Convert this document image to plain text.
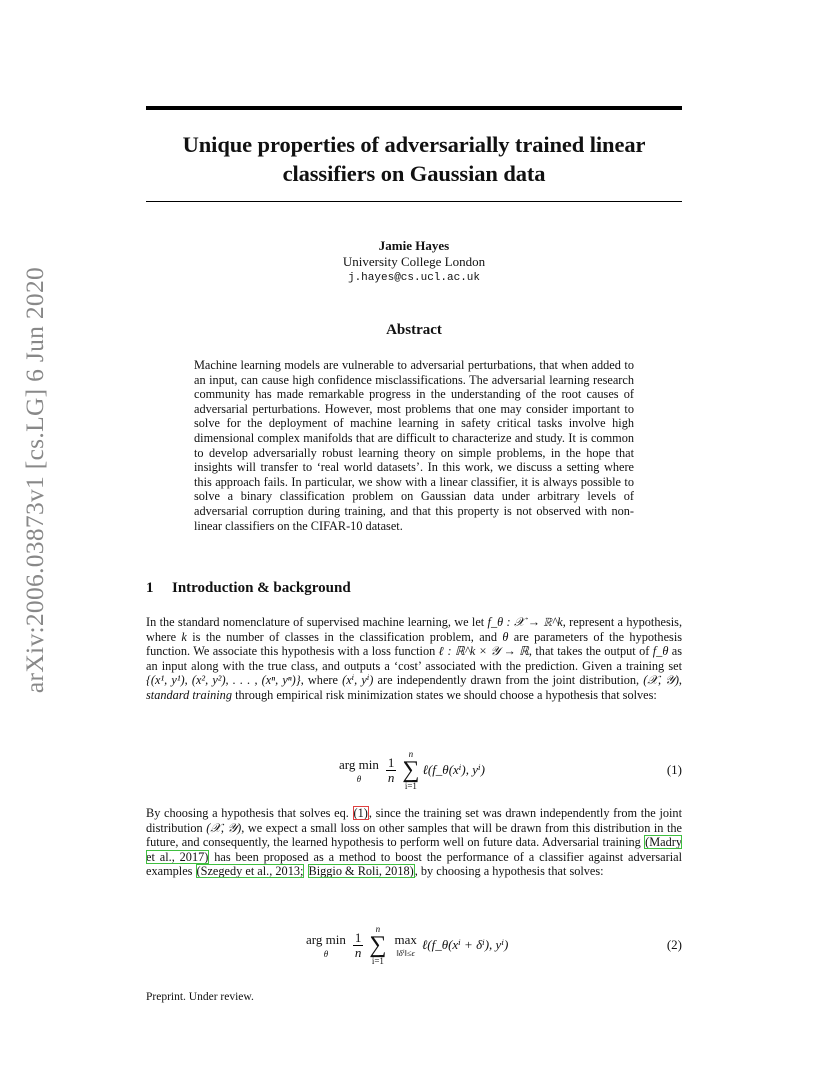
arXiv:2006.03873v1 [cs.LG] 6 Jun 2020
Unique properties of adversarially trained linear
classifiers on Gaussian data
Jamie Hayes
University College London
j.hayes@cs.ucl.ac.uk
Abstract
Machine learning models are vulnerable to adversarial perturbations, that when added to an input, can cause high confidence misclassifications. The adversarial learning research community has made remarkable progress in the understanding of the root causes of adversarial perturbations. However, most problems that one may consider important to solve for the deployment of machine learning in safety critical tasks involve high dimensional complex manifolds that are difficult to characterize and study. It is common to develop adversarially robust learning theory on simple problems, in the hope that insights will transfer to ‘real world datasets’. In this work, we discuss a setting where this approach fails. In particular, we show with a linear classifier, it is always possible to solve a binary classification problem on Gaussian data under arbitrary levels of adversarial corruption during training, and that this property is not observed with non-linear classifiers on the CIFAR-10 dataset.
1 Introduction & background
In the standard nomenclature of supervised machine learning, we let f_θ : 𝒳 → ℝ^k, represent a hypothesis, where k is the number of classes in the classification problem, and θ are parameters of the hypothesis function. We associate this hypothesis with a loss function ℓ : ℝ^k × 𝒴 → ℝ, that takes the output of f_θ as an input along with the true class, and outputs a ‘cost’ associated with the prediction. Given a training set {(x¹, y¹), (x², y²), . . . , (xⁿ, yⁿ)}, where (xⁱ, yⁱ) are independently drawn from the joint distribution, (𝒳, 𝒴), standard training through empirical risk minimization states we should choose a hypothesis that solves:
arg min
θ $\frac{1}{n}$
n
∑
i=1
ℓ(f_θ(xⁱ), yⁱ)	(1)
By choosing a hypothesis that solves eq. (1), since the training set was drawn independently from the joint distribution (𝒳, 𝒴), we expect a small loss on other samples that will be drawn from this distribution in the future, and consequently, the learned hypothesis to perform well on future data. Adversarial training (Madry et al., 2017) has been proposed as a method to boost the performance of a classifier against adversarial examples (Szegedy et al., 2013; Biggio & Roli, 2018), by choosing a hypothesis that solves:
arg min
θ $\frac{1}{n}$
n
∑
i=1
max
‖δⁱ‖≤ϵ
ℓ(f_θ(xⁱ + δⁱ), yⁱ)	(2)
Preprint. Under review.
